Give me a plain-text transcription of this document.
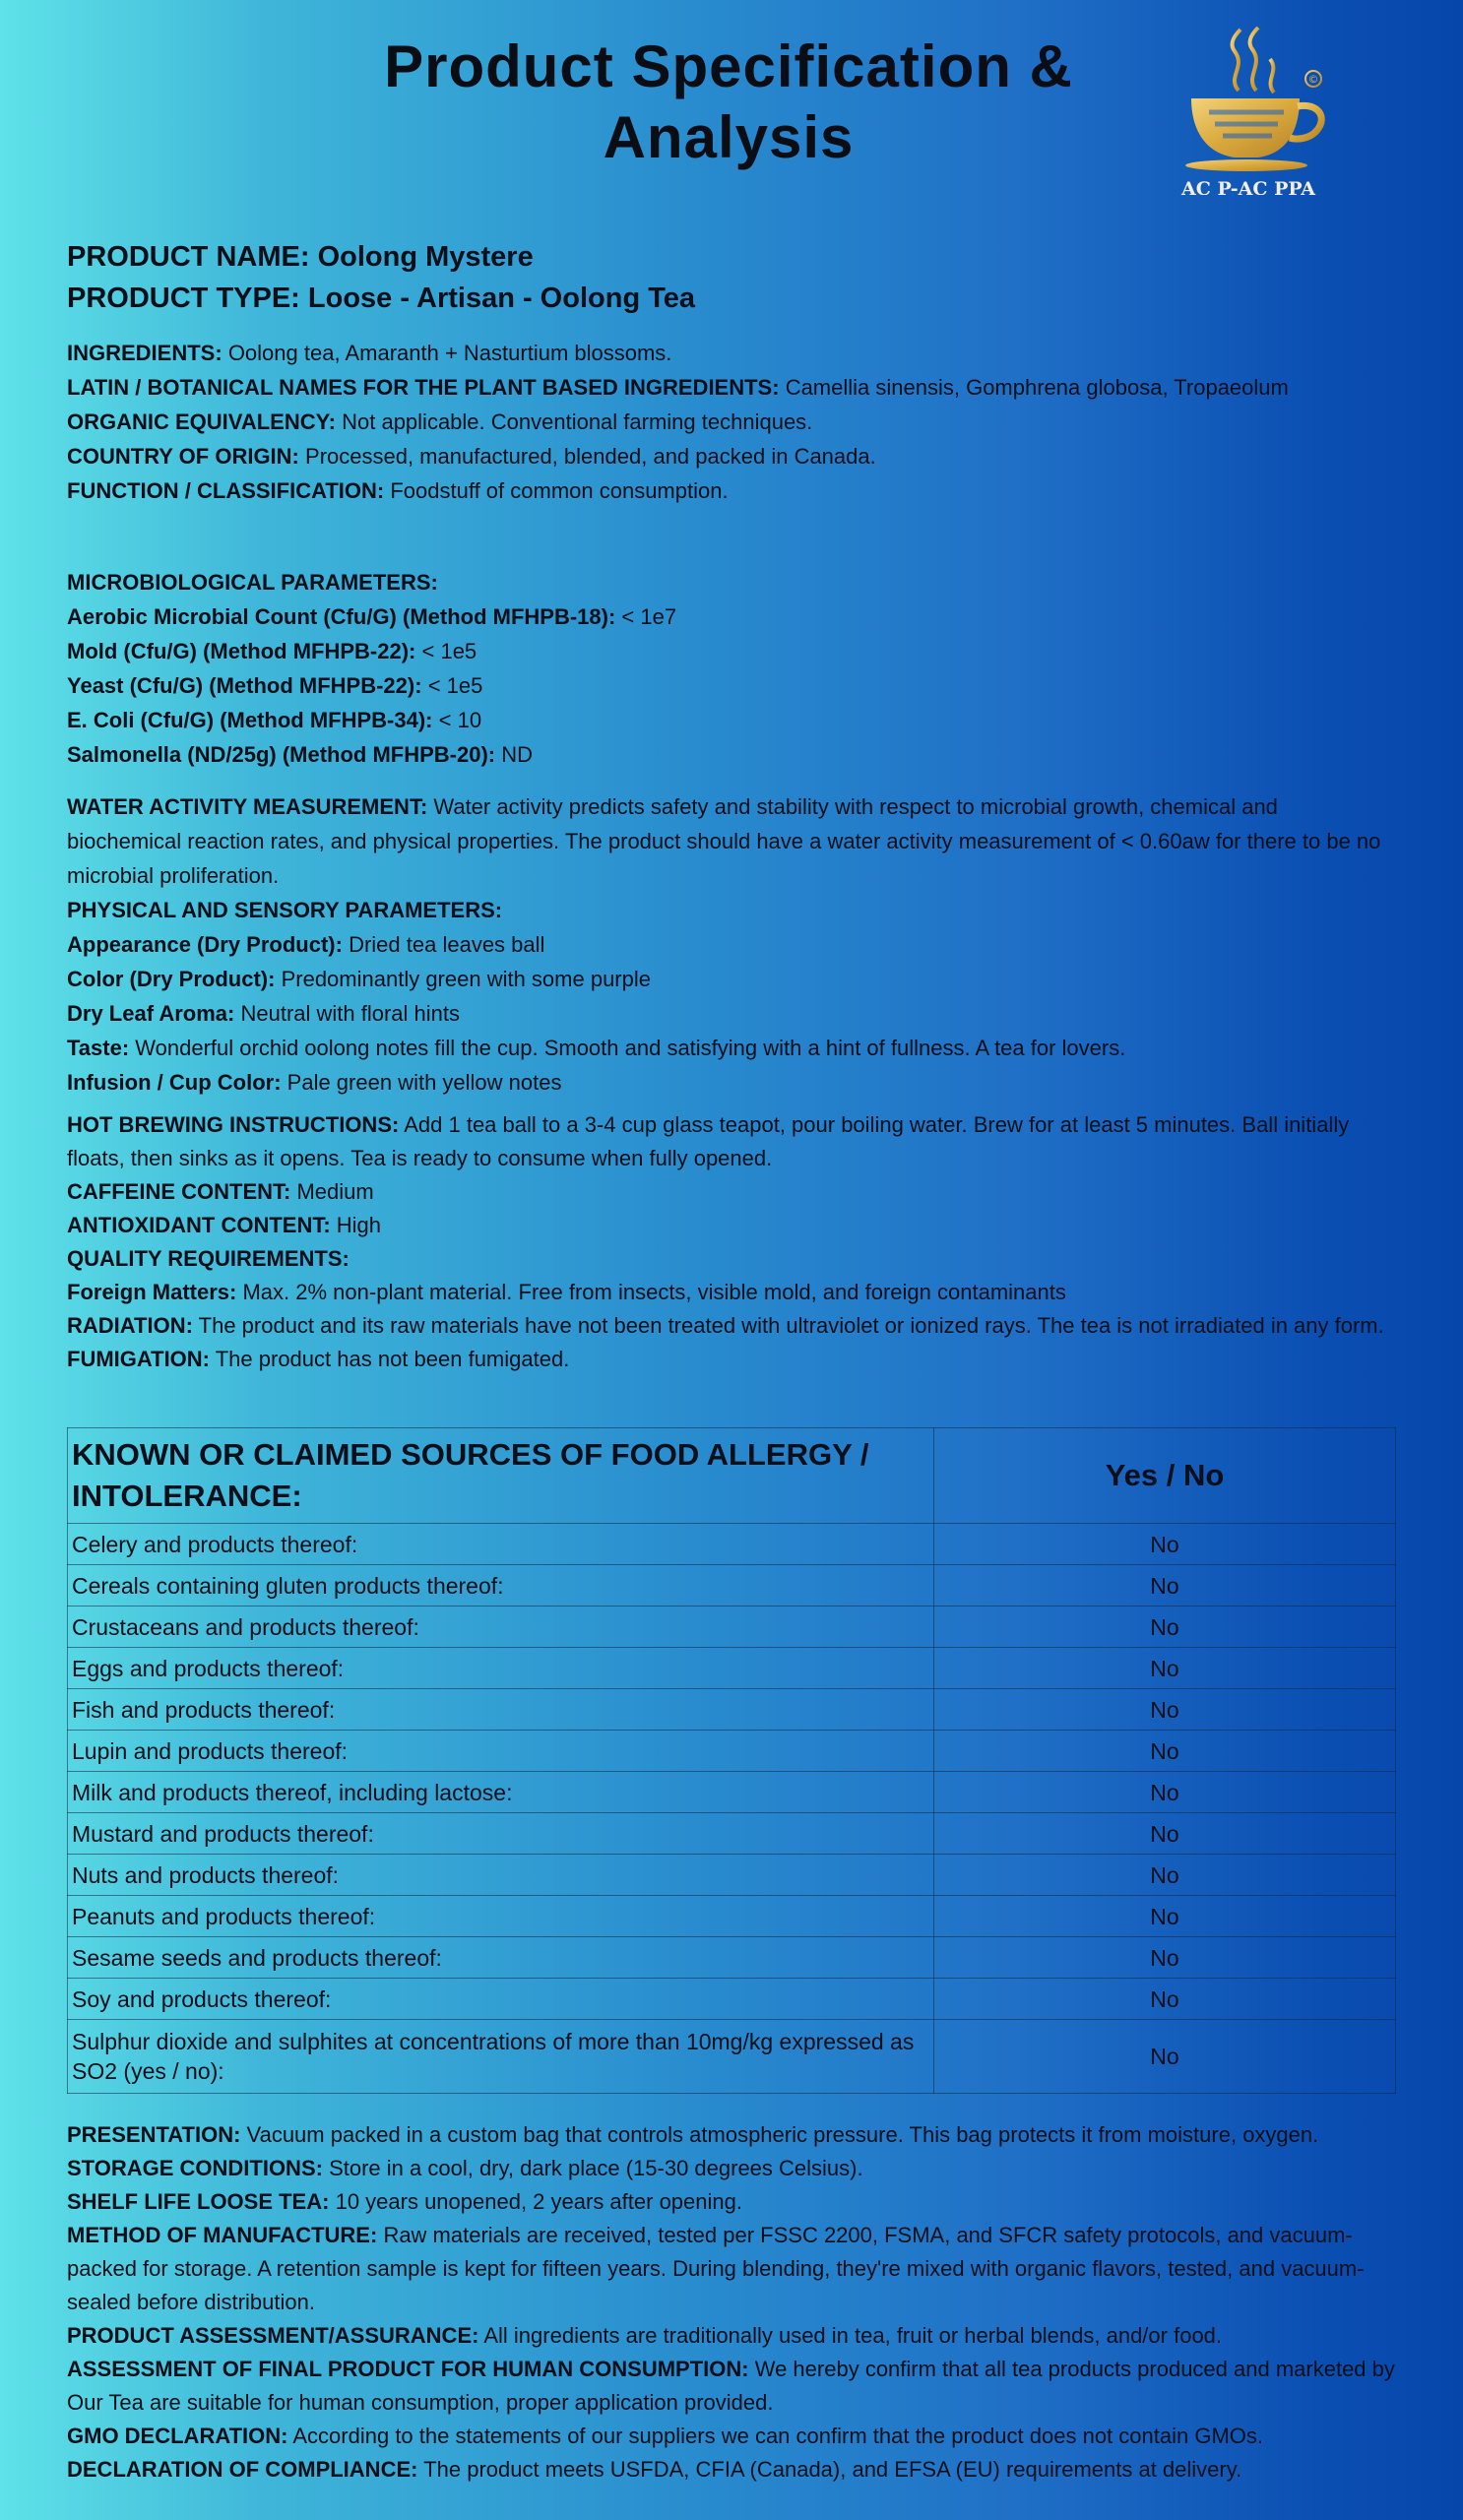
Product Specification & Analysis
©
AC P-AC PPA
PRODUCT NAME: Oolong Mystere
PRODUCT TYPE: Loose - Artisan - Oolong Tea

INGREDIENTS: Oolong tea, Amaranth + Nasturtium blossoms.

LATIN / BOTANICAL NAMES FOR THE PLANT BASED INGREDIENTS: Camellia sinensis, Gomphrena globosa, Tropaeolum

ORGANIC EQUIVALENCY: Not applicable. Conventional farming techniques.

COUNTRY OF ORIGIN: Processed, manufactured, blended, and packed in Canada.

FUNCTION / CLASSIFICATION: Foodstuff of common consumption.

MICROBIOLOGICAL PARAMETERS:

Aerobic Microbial Count (Cfu/G) (Method MFHPB-18): < 1e7

Mold (Cfu/G) (Method MFHPB-22): < 1e5

Yeast (Cfu/G) (Method MFHPB-22): < 1e5

E. Coli (Cfu/G) (Method MFHPB-34): < 10

Salmonella (ND/25g) (Method MFHPB-20): ND

WATER ACTIVITY MEASUREMENT: Water activity predicts safety and stability with respect to microbial growth, chemical and biochemical reaction rates, and physical properties. The product should have a water activity measurement of < 0.60aw for there to be no microbial proliferation.

PHYSICAL AND SENSORY PARAMETERS:

Appearance (Dry Product): Dried tea leaves ball

Color (Dry Product): Predominantly green with some purple

Dry Leaf Aroma: Neutral with floral hints

Taste: Wonderful orchid oolong notes fill the cup. Smooth and satisfying with a hint of fullness. A tea for lovers.

Infusion / Cup Color: Pale green with yellow notes

HOT BREWING INSTRUCTIONS: Add 1 tea ball to a 3-4 cup glass teapot, pour boiling water. Brew for at least 5 minutes. Ball initially floats, then sinks as it opens. Tea is ready to consume when fully opened.

CAFFEINE CONTENT: Medium

ANTIOXIDANT CONTENT: High

QUALITY REQUIREMENTS:

Foreign Matters: Max. 2% non-plant material. Free from insects, visible mold, and foreign contaminants

RADIATION: The product and its raw materials have not been treated with ultraviolet or ionized rays. The tea is not irradiated in any form.

FUMIGATION: The product has not been fumigated.

KNOWN OR CLAIMED SOURCES OF FOOD ALLERGY / INTOLERANCE:	Yes / No
Celery and products thereof:	No
Cereals containing gluten products thereof:	No
Crustaceans and products thereof:	No
Eggs and products thereof:	No
Fish and products thereof:	No
Lupin and products thereof:	No
Milk and products thereof, including lactose:	No
Mustard and products thereof:	No
Nuts and products thereof:	No
Peanuts and products thereof:	No
Sesame seeds and products thereof:	No
Soy and products thereof:	No
Sulphur dioxide and sulphites at concentrations of more than 10mg/kg expressed as SO2 (yes / no):	No

PRESENTATION: Vacuum packed in a custom bag that controls atmospheric pressure. This bag protects it from moisture, oxygen.

STORAGE CONDITIONS: Store in a cool, dry, dark place (15-30 degrees Celsius).

SHELF LIFE LOOSE TEA: 10 years unopened, 2 years after opening.

METHOD OF MANUFACTURE: Raw materials are received, tested per FSSC 2200, FSMA, and SFCR safety protocols, and vacuum-packed for storage. A retention sample is kept for fifteen years. During blending, they're mixed with organic flavors, tested, and vacuum-sealed before distribution.

PRODUCT ASSESSMENT/ASSURANCE: All ingredients are traditionally used in tea, fruit or herbal blends, and/or food.

ASSESSMENT OF FINAL PRODUCT FOR HUMAN CONSUMPTION: We hereby confirm that all tea products produced and marketed by Our Tea are suitable for human consumption, proper application provided.

GMO DECLARATION: According to the statements of our suppliers we can confirm that the product does not contain GMOs.

DECLARATION OF COMPLIANCE: The product meets USFDA, CFIA (Canada), and EFSA (EU) requirements at delivery.
